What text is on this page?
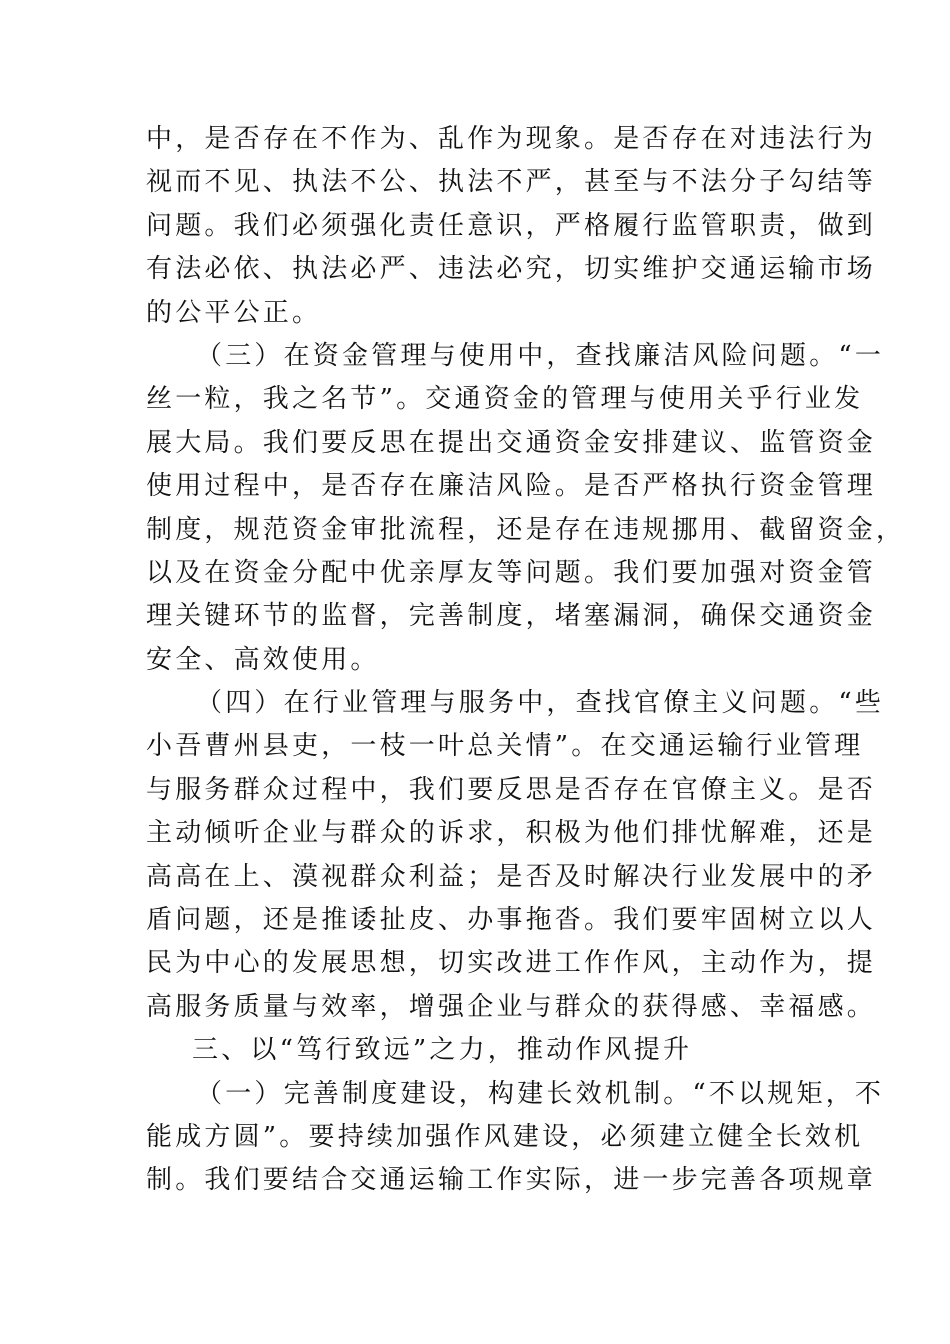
中，是否存在不作为、乱作为现象。是否存在对违法行为
视而不见、执法不公、执法不严，甚至与不法分子勾结等
问题。我们必须强化责任意识，严格履行监管职责，做到
有法必依、执法必严、违法必究，切实维护交通运输市场
的公平公正。
（三）在资金管理与使用中，查找廉洁风险问题。“一
丝一粒，我之名节”。交通资金的管理与使用关乎行业发
展大局。我们要反思在提出交通资金安排建议、监管资金
使用过程中，是否存在廉洁风险。是否严格执行资金管理
制度，规范资金审批流程，还是存在违规挪用、截留资金，
以及在资金分配中优亲厚友等问题。我们要加强对资金管
理关键环节的监督，完善制度，堵塞漏洞，确保交通资金
安全、高效使用。
（四）在行业管理与服务中，查找官僚主义问题。“些
小吾曹州县吏，一枝一叶总关情”。在交通运输行业管理
与服务群众过程中，我们要反思是否存在官僚主义。是否
主动倾听企业与群众的诉求，积极为他们排忧解难，还是
高高在上、漠视群众利益；是否及时解决行业发展中的矛
盾问题，还是推诿扯皮、办事拖沓。我们要牢固树立以人
民为中心的发展思想，切实改进工作作风，主动作为，提
高服务质量与效率，增强企业与群众的获得感、幸福感。
三、以“笃行致远”之力，推动作风提升
（一）完善制度建设，构建长效机制。“不以规矩，不
能成方圆”。要持续加强作风建设，必须建立健全长效机
制。我们要结合交通运输工作实际，进一步完善各项规章
